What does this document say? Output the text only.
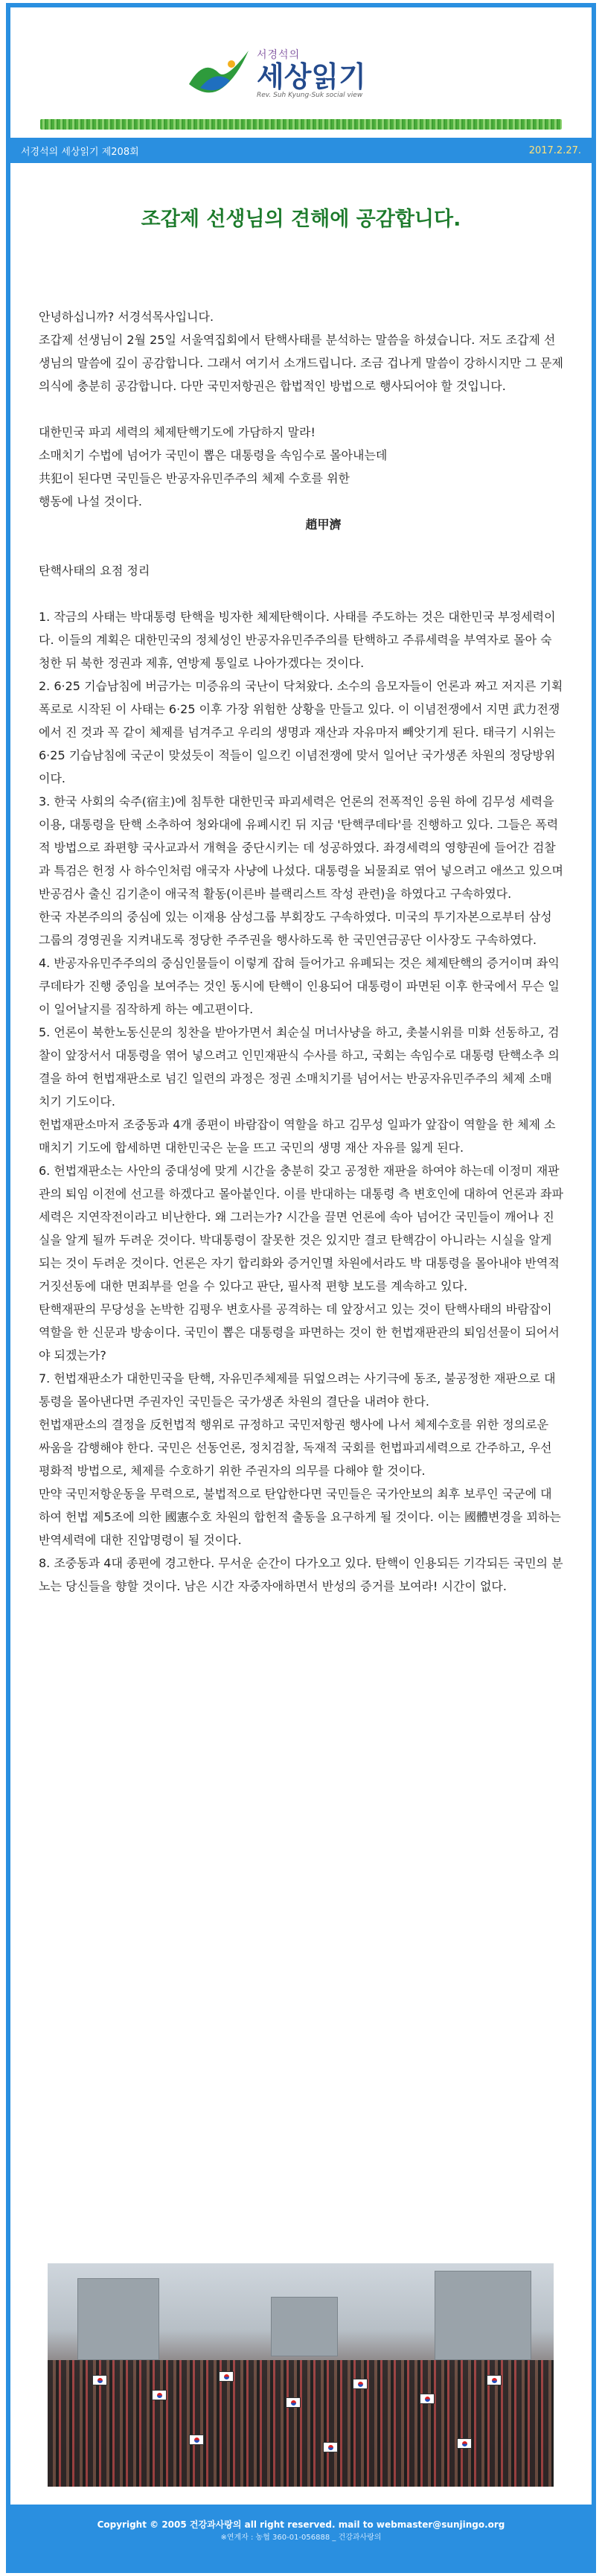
서경석의
세상읽기
Rev. Suh Kyung-Suk social view
서경석의 세상읽기 제208회	2017.2.27.
조갑제 선생님의 견해에 공감합니다.
안녕하십니까? 서경석목사입니다.
조갑제 선생님이 2월 25일 서울역집회에서 탄핵사태를 분석하는 말씀을 하셨습니다. 저도 조갑제 선생님의 말씀에 깊이 공감합니다. 그래서 여기서 소개드립니다. 조금 겁나게 말씀이 강하시지만 그 문제의식에 충분히 공감합니다. 다만 국민저항권은 합법적인 방법으로 행사되어야 할 것입니다.
대한민국 파괴 세력의 체제탄핵기도에 가담하지 말라!
소매치기 수법에 넘어가 국민이 뽑은 대통령을 속임수로 몰아내는데
共犯이 된다면 국민들은 반공자유민주주의 체제 수호를 위한
행동에 나설 것이다.
趙甲濟
탄핵사태의 요점 정리
1. 작금의 사태는 박대통령 탄핵을 빙자한 체제탄핵이다. 사태를 주도하는 것은 대한민국 부정세력이다. 이들의 계획은 대한민국의 정체성인 반공자유민주주의를 탄핵하고 주류세력을 부역자로 몰아 숙청한 뒤 북한 정권과 제휴, 연방제 통일로 나아가겠다는 것이다.
2. 6·25 기습남침에 버금가는 미증유의 국난이 닥쳐왔다. 소수의 음모자들이 언론과 짜고 저지른 기획폭로로 시작된 이 사태는 6·25 이후 가장 위험한 상황을 만들고 있다. 이 이념전쟁에서 지면 武力전쟁에서 진 것과 꼭 같이 체제를 넘겨주고 우리의 생명과 재산과 자유마저 빼앗기게 된다. 태극기 시위는 6·25 기습남침에 국군이 맞섰듯이 적들이 일으킨 이념전쟁에 맞서 일어난 국가생존 차원의 정당방위이다.
3. 한국 사회의 숙주(宿主)에 침투한 대한민국 파괴세력은 언론의 전폭적인 응원 하에 김무성 세력을 이용, 대통령을 탄핵 소추하여 청와대에 유폐시킨 뒤 지금 '탄핵쿠데타'를 진행하고 있다. 그들은 폭력적 방법으로 좌편향 국사교과서 개혁을 중단시키는 데 성공하였다. 좌경세력의 영향권에 들어간 검찰과 특검은 헌정 사 하수인처럼 애국자 사냥에 나섰다. 대통령을 뇌물죄로 엮어 넣으려고 애쓰고 있으며 반공검사 출신 김기춘이 애국적 활동(이른바 블랙리스트 작성 관련)을 하였다고 구속하였다.
한국 자본주의의 중심에 있는 이재용 삼성그룹 부회장도 구속하였다. 미국의 투기자본으로부터 삼성그룹의 경영권을 지켜내도록 정당한 주주권을 행사하도록 한 국민연금공단 이사장도 구속하였다.
4. 반공자유민주주의의 중심인물들이 이렇게 잡혀 들어가고 유폐되는 것은 체제탄핵의 증거이며 좌익쿠데타가 진행 중임을 보여주는 것인 동시에 탄핵이 인용되어 대통령이 파면된 이후 한국에서 무슨 일이 일어날지를 짐작하게 하는 예고편이다.
5. 언론이 북한노동신문의 칭찬을 받아가면서 최순실 머너사냥을 하고, 촛불시위를 미화 선동하고, 검찰이 앞장서서 대통령을 엮어 넣으려고 인민재판식 수사를 하고, 국회는 속임수로 대통령 탄핵소추 의결을 하여 헌법재판소로 넘긴 일련의 과정은 정권 소매치기를 넘어서는 반공자유민주주의 체제 소매치기 기도이다.
헌법재판소마저 조중동과 4개 종편이 바람잡이 역할을 하고 김무성 일파가 앞잡이 역할을 한 체제 소매치기 기도에 합세하면 대한민국은 눈을 뜨고 국민의 생명 재산 자유를 잃게 된다.
6. 헌법재판소는 사안의 중대성에 맞게 시간을 충분히 갖고 공정한 재판을 하여야 하는데 이정미 재판관의 퇴임 이전에 선고를 하겠다고 몰아붙인다. 이를 반대하는 대통령 측 변호인에 대하여 언론과 좌파세력은 지연작전이라고 비난한다. 왜 그러는가? 시간을 끌면 언론에 속아 넘어간 국민들이 깨어나 진실을 알게 될까 두려운 것이다. 박대통령이 잘못한 것은 있지만 결코 탄핵감이 아니라는 시실을 알게 되는 것이 두려운 것이다. 언론은 자기 합리화와 증거인멸 차원에서라도 박 대통령을 몰아내야 반역적 거짓선동에 대한 면죄부를 얻을 수 있다고 판단, 필사적 편향 보도를 계속하고 있다.
탄핵재판의 무당성을 논박한 김평우 변호사를 공격하는 데 앞장서고 있는 것이 탄핵사태의 바람잡이 역할을 한 신문과 방송이다. 국민이 뽑은 대통령을 파면하는 것이 한 헌법재판관의 퇴임선물이 되어서야 되겠는가?
7. 헌법재판소가 대한민국을 탄핵, 자유민주체제를 뒤엎으려는 사기극에 동조, 불공정한 재판으로 대통령을 몰아낸다면 주권자인 국민들은 국가생존 차원의 결단을 내려야 한다.
헌법재판소의 결정을 反헌법적 행위로 규정하고 국민저항권 행사에 나서 체제수호를 위한 정의로운 싸움을 감행해야 한다. 국민은 선동언론, 정치검찰, 독재적 국회를 헌법파괴세력으로 간주하고, 우선 평화적 방법으로, 체제를 수호하기 위한 주권자의 의무를 다해야 할 것이다.
만약 국민저항운동을 무력으로, 불법적으로 탄압한다면 국민들은 국가안보의 최후 보루인 국군에 대하여 헌법 제5조에 의한 國憲수호 차원의 합헌적 출동을 요구하게 될 것이다. 이는 國體변경을 꾀하는 반역세력에 대한 진압명령이 될 것이다.
8. 조중동과 4대 종편에 경고한다. 무서운 순간이 다가오고 있다. 탄핵이 인용되든 기각되든 국민의 분노는 당신들을 향할 것이다. 남은 시간 자중자애하면서 반성의 증거를 보여라! 시간이 없다.
Copyright © 2005 건강과사랑의 all right reserved. mail to webmaster@sunjingo.org
※연계자 : 농협 360-01-056888 _ 건강과사랑의
